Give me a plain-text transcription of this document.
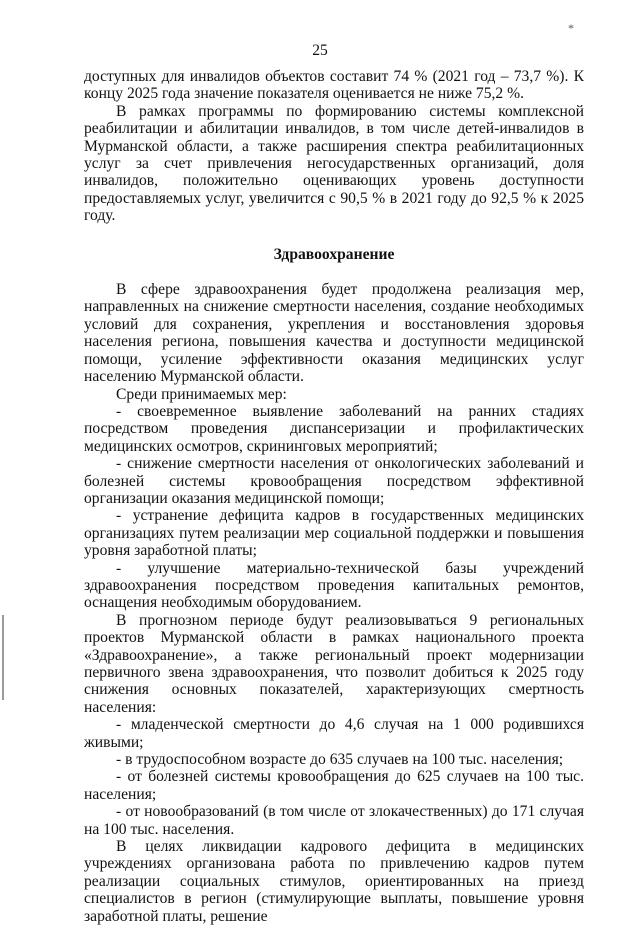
*
25

доступных для инвалидов объектов составит 74 % (2021 год – 73,7 %). К концу 2025 года значение показателя оценивается не ниже 75,2 %.

В рамках программы по формированию системы комплексной реабилитации и абилитации инвалидов, в том числе детей-инвалидов в Мурманской области, а также расширения спектра реабилитационных услуг за счет привлечения негосударственных организаций, доля инвалидов, положительно оценивающих уровень доступности предоставляемых услуг, увеличится с 90,5 % в 2021 году до 92,5 % к 2025 году.

Здравоохранение

В сфере здравоохранения будет продолжена реализация мер, направленных на снижение смертности населения, создание необходимых условий для сохранения, укрепления и восстановления здоровья населения региона, повышения качества и доступности медицинской помощи, усиление эффективности оказания медицинских услуг населению Мурманской области.

Среди принимаемых мер:

- своевременное выявление заболеваний на ранних стадиях посредством проведения диспансеризации и профилактических медицинских осмотров, скрининговых мероприятий;

- снижение смертности населения от онкологических заболеваний и болезней системы кровообращения посредством эффективной организации оказания медицинской помощи;

- устранение дефицита кадров в государственных медицинских организациях путем реализации мер социальной поддержки и повышения уровня заработной платы;

- улучшение материально-технической базы учреждений здравоохранения посредством проведения капитальных ремонтов, оснащения необходимым оборудованием.

В прогнозном периоде будут реализовываться 9 региональных проектов Мурманской области в рамках национального проекта «Здравоохранение», а также региональный проект модернизации первичного звена здравоохранения, что позволит добиться к 2025 году снижения основных показателей, характеризующих смертность населения:

- младенческой смертности до 4,6 случая на 1 000 родившихся живыми;

- в трудоспособном возрасте до 635 случаев на 100 тыс. населения;

- от болезней системы кровообращения до 625 случаев на 100 тыс. населения;

- от новообразований (в том числе от злокачественных) до 171 случая на 100 тыс. населения.

В целях ликвидации кадрового дефицита в медицинских учреждениях организована работа по привлечению кадров путем реализации социальных стимулов, ориентированных на приезд специалистов в регион (стимулирующие выплаты, повышение уровня заработной платы, решение
